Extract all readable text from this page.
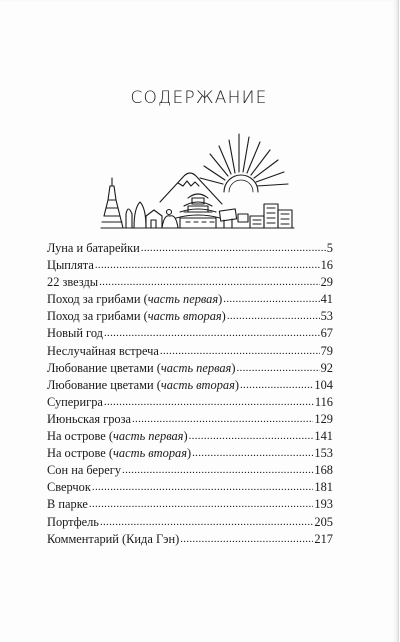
СОДЕРЖАНИЕ
Луна и батарейки .....	5
Цыплята .....	16
22 звезды .....	29
Поход за грибами (часть первая) .....	41
Поход за грибами (часть вторая) .....	53
Новый год .....	67
Неслучайная встреча .....	79
Любование цветами (часть первая) .....	92
Любование цветами (часть вторая) .....	104
Суперигра .....	116
Июньская гроза .....	129
На острове (часть первая) .....	141
На острове (часть вторая) .....	153
Сон на берегу .....	168
Сверчок .....	181
В парке .....	193
Портфель .....	205
Комментарий (Кида Гэн) .....	217
